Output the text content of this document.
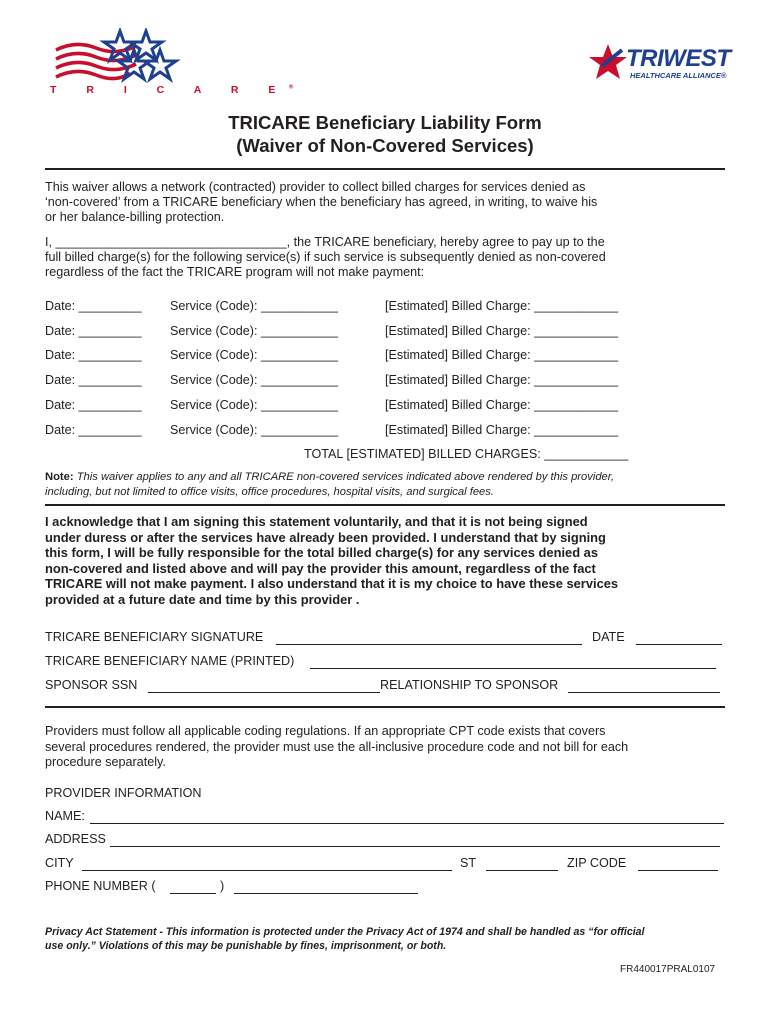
T R I C A R E®
TRIWEST
HEALTHCARE ALLIANCE®
TRICARE Beneficiary Liability Form
(Waiver of Non-Covered Services)
This waiver allows a network (contracted) provider to collect billed charges for services denied as
‘non-covered’ from a TRICARE beneficiary when the beneficiary has agreed, in writing, to waive his
or her balance-billing protection.
I, _________________________________, the TRICARE beneficiary, hereby agree to pay up to the
full billed charge(s) for the following service(s) if such service is subsequently denied as non-covered
regardless of the fact the TRICARE program will not make payment:
Date: _________ Service (Code): ___________	[Estimated] Billed Charge: ____________
Date: _________ Service (Code): ___________	[Estimated] Billed Charge: ____________
Date: _________ Service (Code): ___________	[Estimated] Billed Charge: ____________
Date: _________ Service (Code): ___________	[Estimated] Billed Charge: ____________
Date: _________ Service (Code): ___________	[Estimated] Billed Charge: ____________
Date: _________ Service (Code): ___________	[Estimated] Billed Charge: ____________
TOTAL [ESTIMATED] BILLED CHARGES: ____________
Note: This waiver applies to any and all TRICARE non-covered services indicated above rendered by this provider,
including, but not limited to office visits, office procedures, hospital visits, and surgical fees.
I acknowledge that I am signing this statement voluntarily, and that it is not being signed
under duress or after the services have already been provided. I understand that by signing
this form, I will be fully responsible for the total billed charge(s) for any services denied as
non-covered and listed above and will pay the provider this amount, regardless of the fact
TRICARE will not make payment. I also understand that it is my choice to have these services
provided at a future date and time by this provider .
TRICARE BENEFICIARY SIGNATURE	DATE
TRICARE BENEFICIARY NAME (PRINTED)
SPONSOR SSN	RELATIONSHIP TO SPONSOR
Providers must follow all applicable coding regulations. If an appropriate CPT code exists that covers
several procedures rendered, the provider must use the all-inclusive procedure code and not bill for each
procedure separately.
PROVIDER INFORMATION
NAME:
ADDRESS
CITY	ST	ZIP CODE
PHONE NUMBER (	)
Privacy Act Statement - This information is protected under the Privacy Act of 1974 and shall be handled as “for official
use only.” Violations of this may be punishable by fines, imprisonment, or both.
FR440017PRAL0107
